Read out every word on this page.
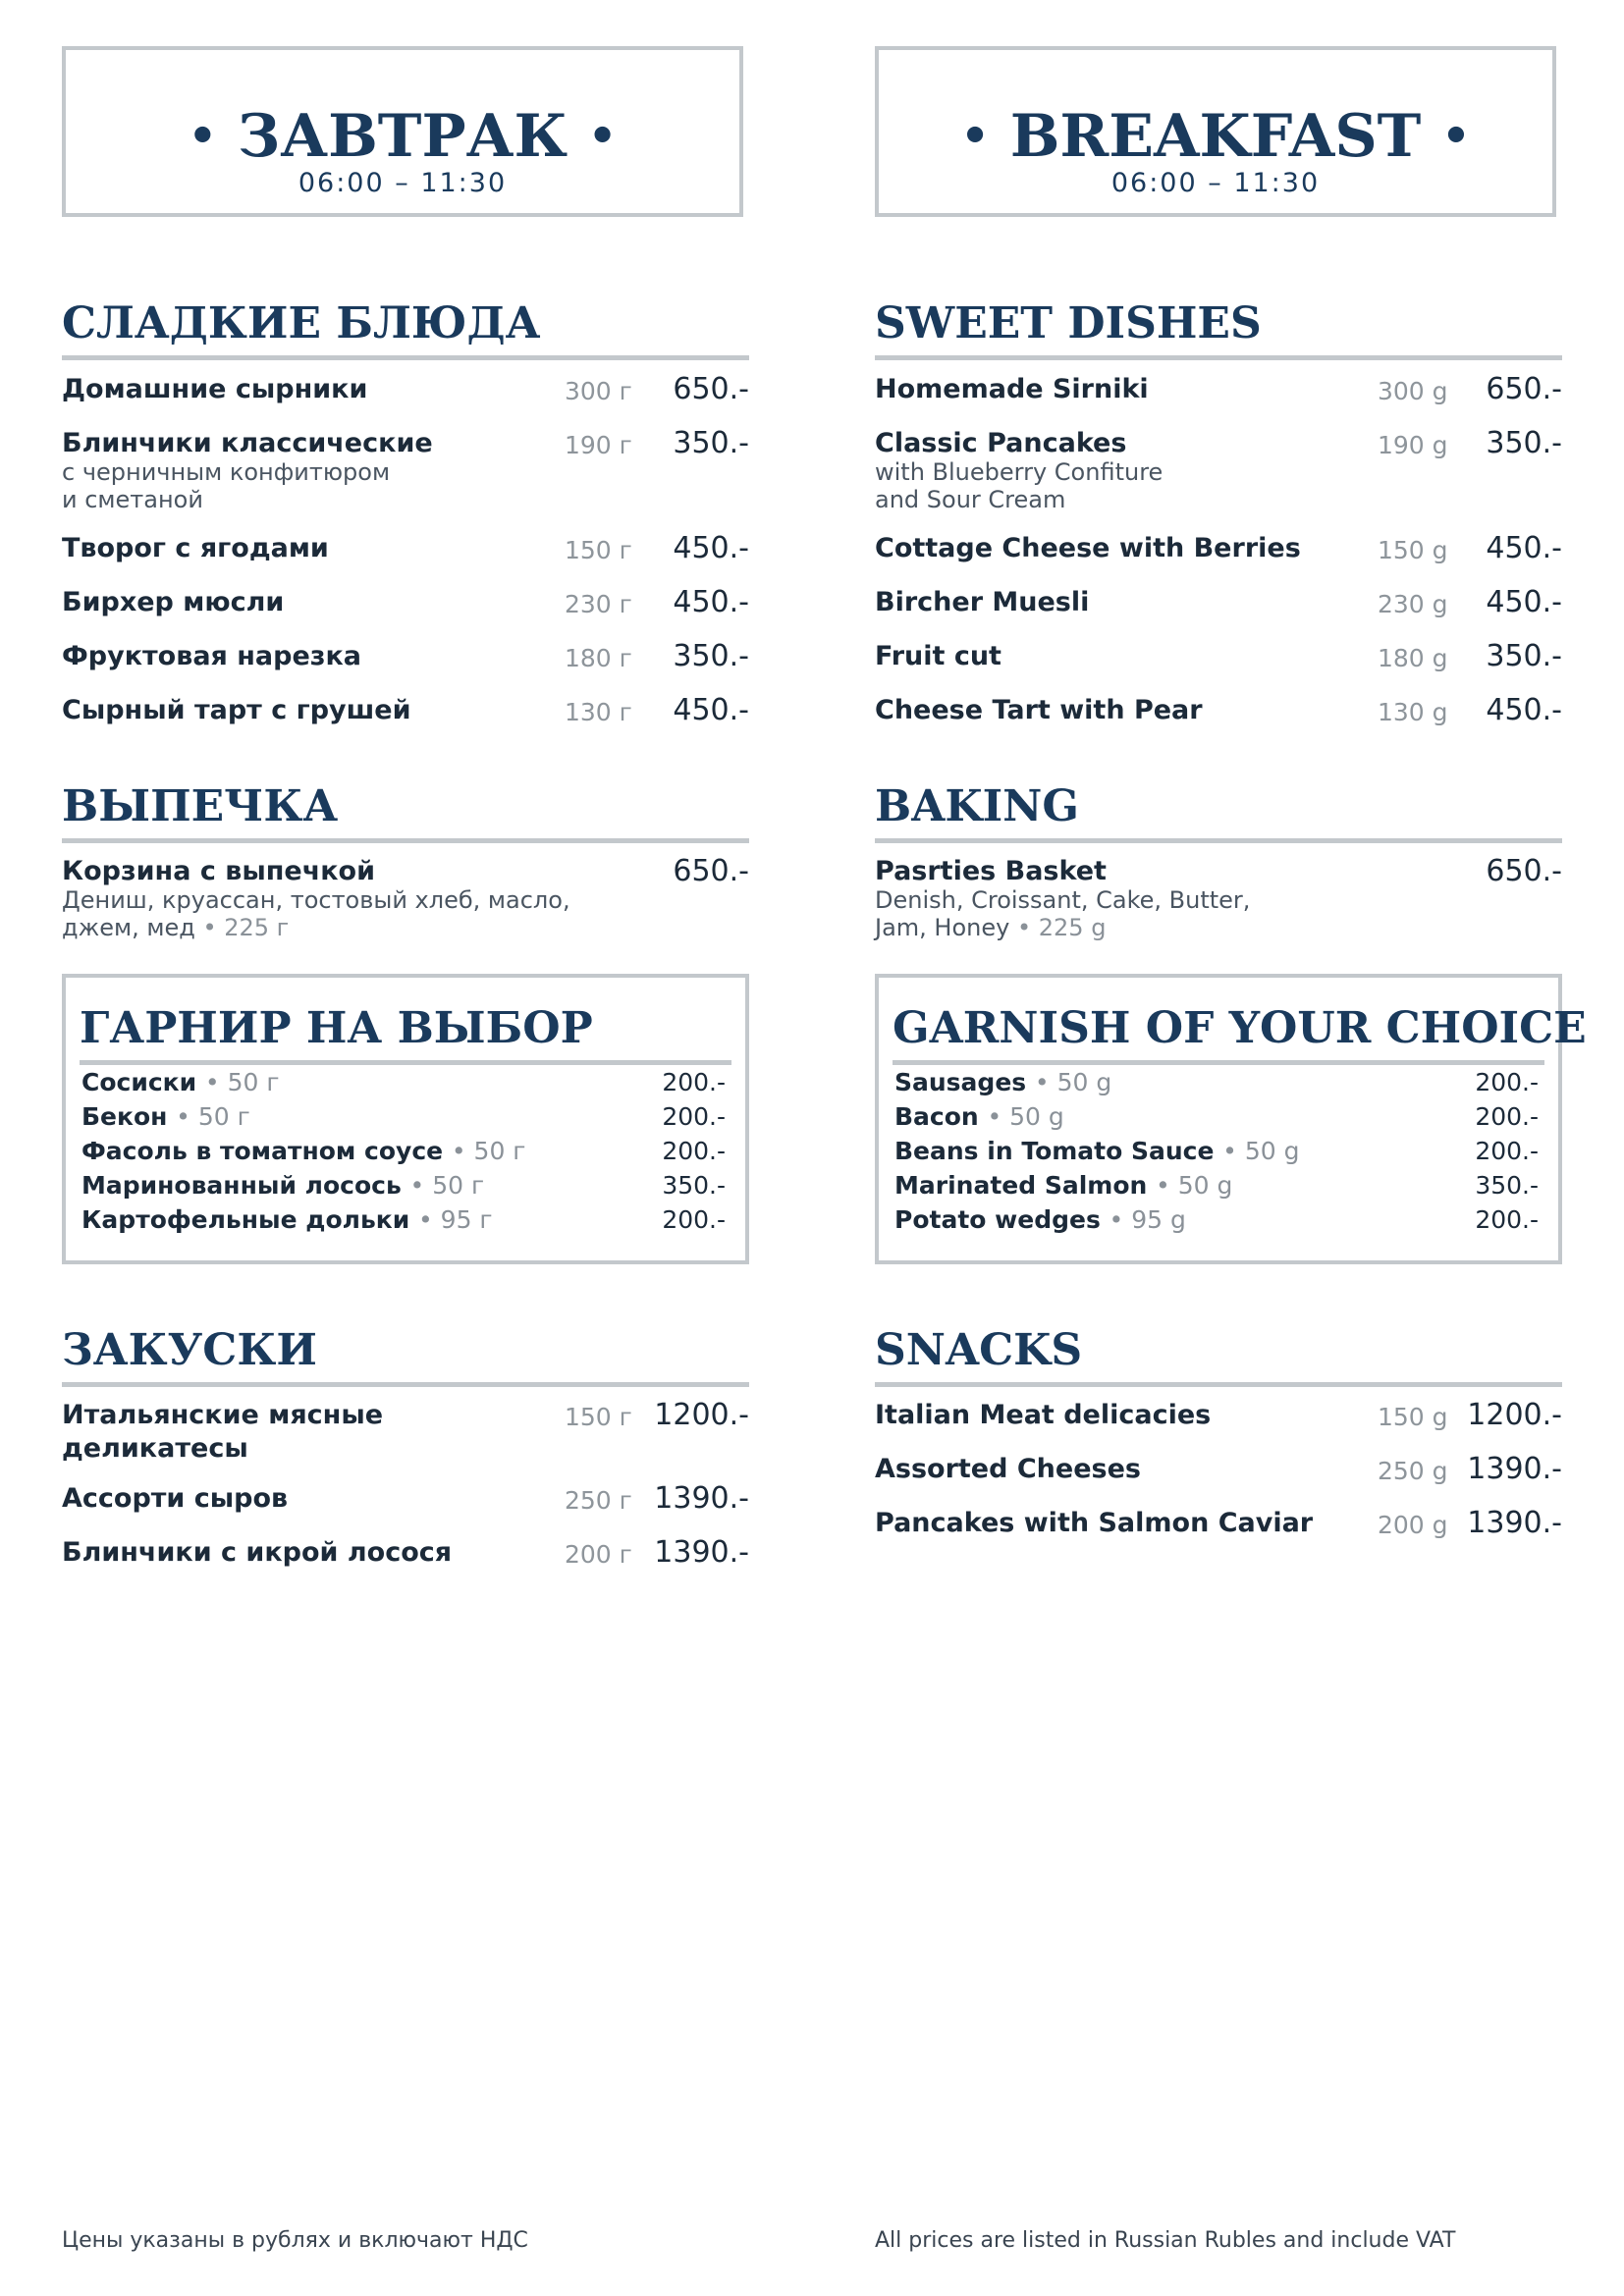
• ЗАВТРАК •
06:00 – 11:30
СЛАДКИЕ БЛЮДА
Домашние сырники	300 г 650.-
Блинчики классические
с черничным конфитюром
и сметаной
190 г 350.-
Творог с ягодами	150 г 450.-
Бирхер мюсли	230 г 450.-
Фруктовая нарезка	180 г 350.-
Сырный тарт с грушей	130 г 450.-
ВЫПЕЧКА
Корзина с выпечкой
Дениш, круассан, тостовый хлеб, масло,
джем, мед • 225 г
650.-
ГАРНИР НА ВЫБОР
Сосиски • 50 г	200.-
Бекон • 50 г	200.-
Фасоль в томатном соусе • 50 г	200.-
Маринованный лосось • 50 г	350.-
Картофельные дольки • 95 г	200.-
ЗАКУСКИ
Итальянские мясные
деликатесы
150 г 1200.-
Ассорти сыров	250 г 1390.-
Блинчики с икрой лосося	200 г 1390.-
Цены указаны в рублях и включают НДС
• BREAKFAST •
06:00 – 11:30
SWEET DISHES
Homemade Sirniki	300 g 650.-
Classic Pancakes
with Blueberry Confiture
and Sour Cream
190 g 350.-
Cottage Cheese with Berries	150 g 450.-
Bircher Muesli	230 g 450.-
Fruit cut	180 g 350.-
Cheese Tart with Pear	130 g 450.-
BAKING
Pasrties Basket
Denish, Croissant, Cake, Butter,
Jam, Honey • 225 g
650.-
GARNISH OF YOUR CHOICE
Sausages • 50 g	200.-
Bacon • 50 g	200.-
Beans in Tomato Sauce • 50 g	200.-
Marinated Salmon • 50 g	350.-
Potato wedges • 95 g	200.-
SNACKS
Italian Meat delicacies	150 g 1200.-
Assorted Cheeses	250 g 1390.-
Pancakes with Salmon Caviar	200 g 1390.-
All prices are listed in Russian Rubles and include VAT
